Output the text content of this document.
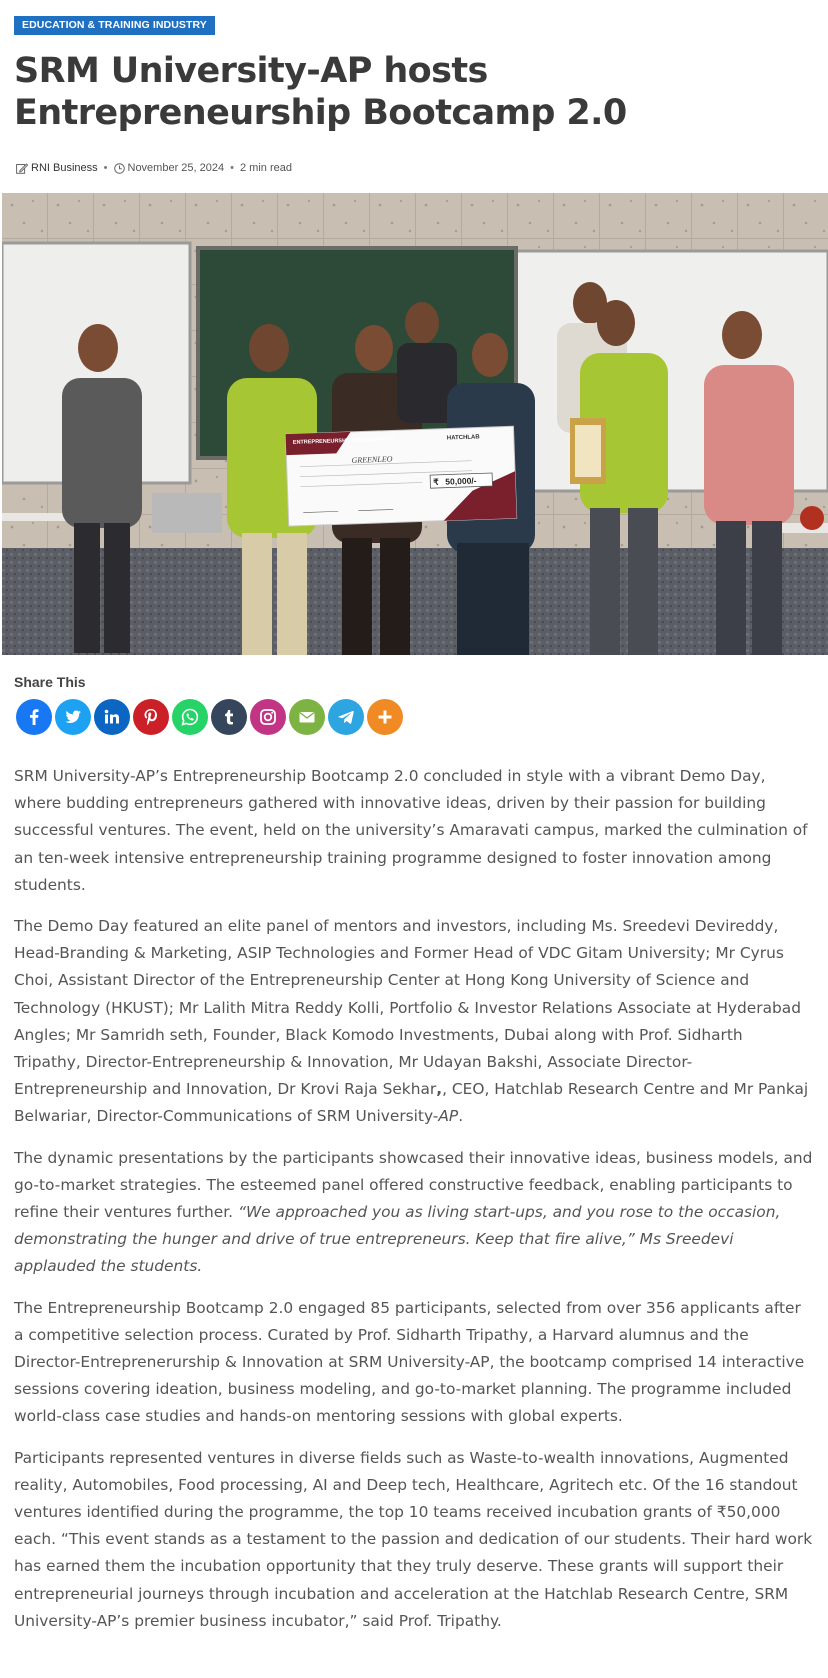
EDUCATION & TRAINING INDUSTRY
SRM University-AP hosts Entrepreneurship Bootcamp 2.0
RNI Business • November 25, 2024 • 2 min read
ENTREPRENEURSHIP BOOTCAMP 2.0	HATCHLAB
GREENLEO
₹ 50,000/-
Share This

SRM University-AP’s Entrepreneurship Bootcamp 2.0 concluded in style with a vibrant Demo Day, where budding entrepreneurs gathered with innovative ideas, driven by their passion for building successful ventures. The event, held on the university’s Amaravati campus, marked the culmination of an ten-week intensive entrepreneurship training programme designed to foster innovation among students.

The Demo Day featured an elite panel of mentors and investors, including Ms. Sreedevi Devireddy, Head-Branding & Marketing, ASIP Technologies and Former Head of VDC Gitam University; Mr Cyrus Choi, Assistant Director of the Entrepreneurship Center at Hong Kong University of Science and Technology (HKUST); Mr Lalith Mitra Reddy Kolli, Portfolio & Investor Relations Associate at Hyderabad Angles; Mr Samridh seth, Founder, Black Komodo Investments, Dubai along with Prof. Sidharth Tripathy, Director-Entrepreneurship & Innovation, Mr Udayan Bakshi, Associate Director-Entrepreneurship and Innovation, Dr Krovi Raja Sekhar,, CEO, Hatchlab Research Centre and Mr Pankaj Belwariar, Director-Communications of SRM University-AP.

The dynamic presentations by the participants showcased their innovative ideas, business models, and go-to-market strategies. The esteemed panel offered constructive feedback, enabling participants to refine their ventures further. “We approached you as living start-ups, and you rose to the occasion, demonstrating the hunger and drive of true entrepreneurs. Keep that fire alive,” Ms Sreedevi applauded the students.

The Entrepreneurship Bootcamp 2.0 engaged 85 participants, selected from over 356 applicants after a competitive selection process. Curated by Prof. Sidharth Tripathy, a Harvard alumnus and the Director-Entreprenerurship & Innovation at SRM University-AP, the bootcamp comprised 14 interactive sessions covering ideation, business modeling, and go-to-market planning. The programme included world-class case studies and hands-on mentoring sessions with global experts.

Participants represented ventures in diverse fields such as Waste-to-wealth innovations, Augmented reality, Automobiles, Food processing, AI and Deep tech, Healthcare, Agritech etc. Of the 16 standout ventures identified during the programme, the top 10 teams received incubation grants of ₹50,000 each. “This event stands as a testament to the passion and dedication of our students. Their hard work has earned them the incubation opportunity that they truly deserve. These grants will support their entrepreneurial journeys through incubation and acceleration at the Hatchlab Research Centre, SRM University-AP’s premier business incubator,” said Prof. Tripathy.
